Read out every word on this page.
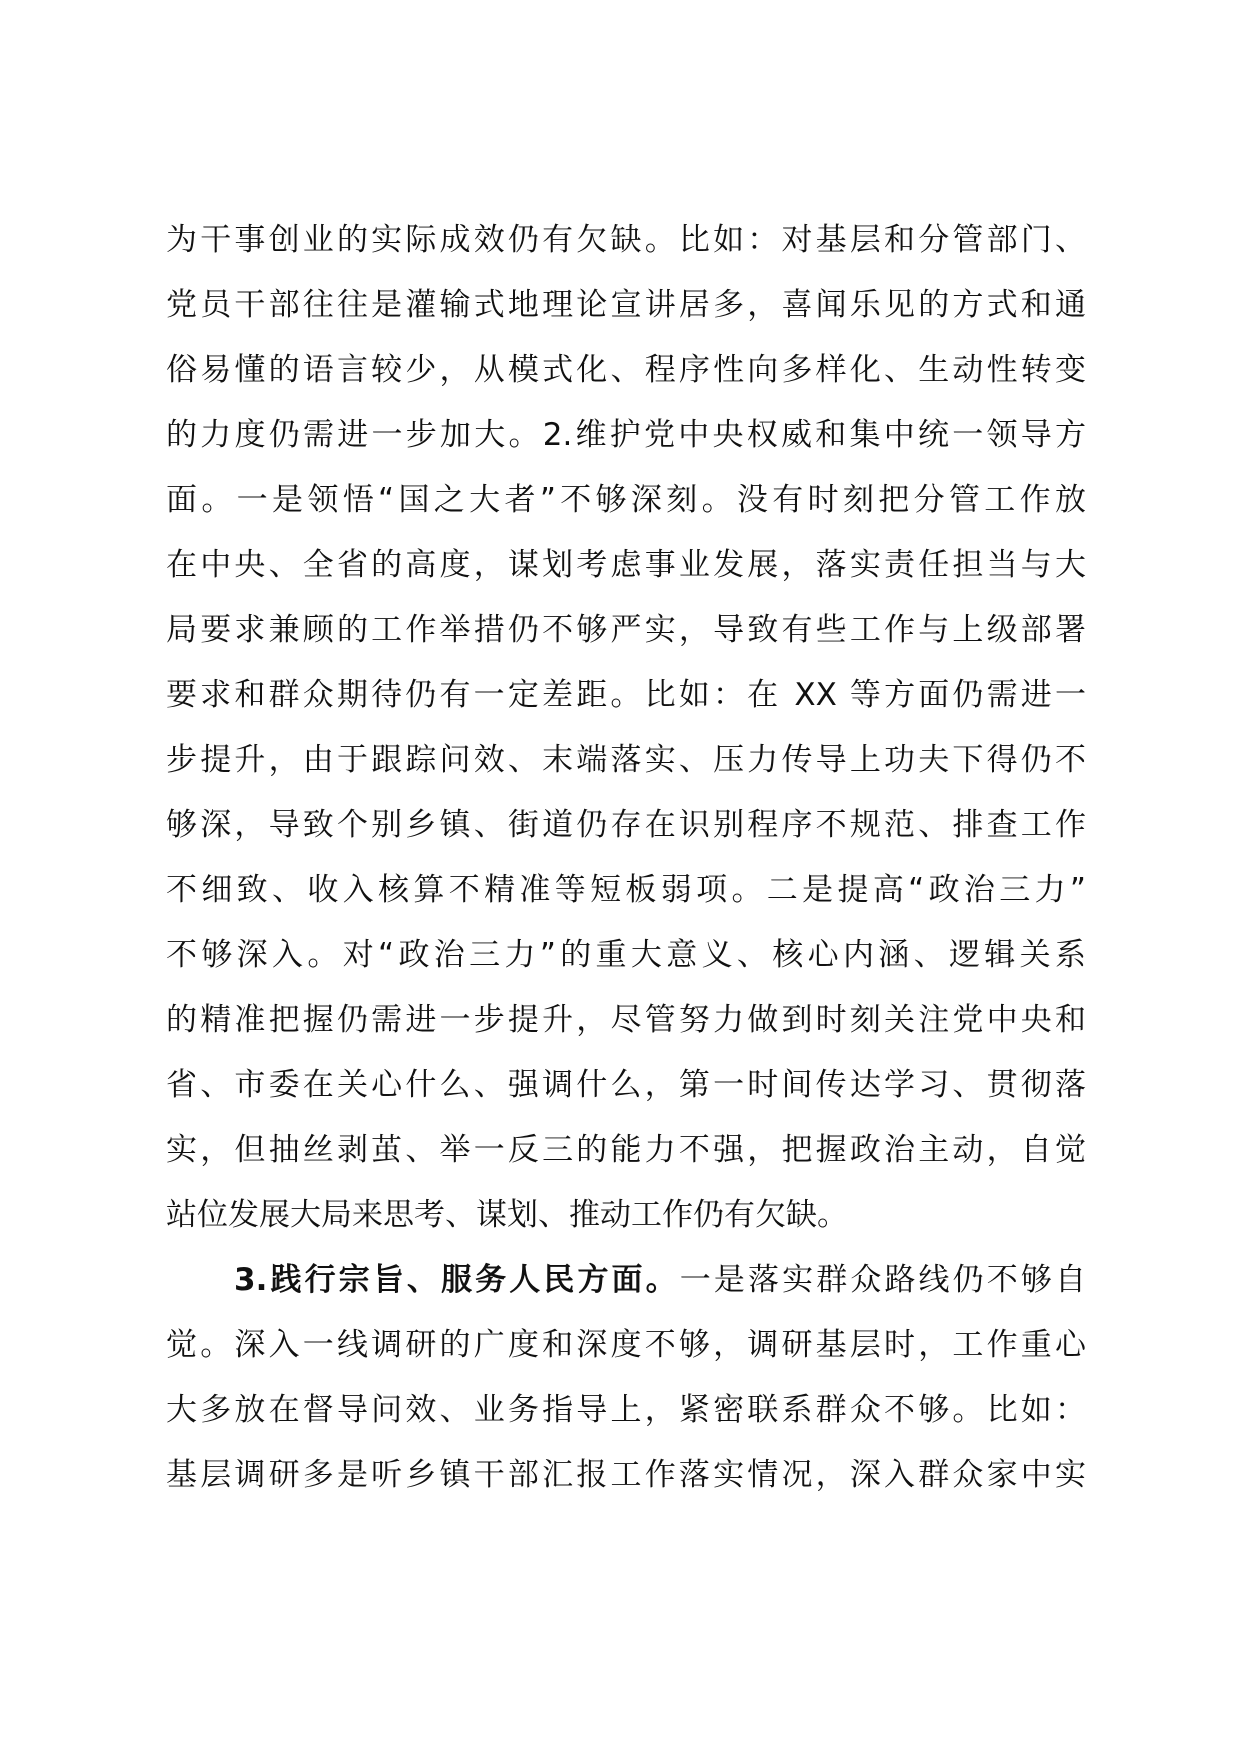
为干事创业的实际成效仍有欠缺。比如：对基层和分管部门、
党员干部往往是灌输式地理论宣讲居多，喜闻乐见的方式和通
俗易懂的语言较少，从模式化、程序性向多样化、生动性转变
的力度仍需进一步加大。2.维护党中央权威和集中统一领导方
面。一是领悟“国之大者”不够深刻。没有时刻把分管工作放
在中央、全省的高度，谋划考虑事业发展，落实责任担当与大
局要求兼顾的工作举措仍不够严实，导致有些工作与上级部署
要求和群众期待仍有一定差距。比如：在 XX 等方面仍需进一
步提升，由于跟踪问效、末端落实、压力传导上功夫下得仍不
够深，导致个别乡镇、街道仍存在识别程序不规范、排查工作
不细致、收入核算不精准等短板弱项。二是提高“政治三力”
不够深入。对“政治三力”的重大意义、核心内涵、逻辑关系
的精准把握仍需进一步提升，尽管努力做到时刻关注党中央和
省、市委在关心什么、强调什么，第一时间传达学习、贯彻落
实，但抽丝剥茧、举一反三的能力不强，把握政治主动，自觉
站位发展大局来思考、谋划、推动工作仍有欠缺。
3.践行宗旨、服务人民方面。一是落实群众路线仍不够自
觉。深入一线调研的广度和深度不够，调研基层时，工作重心
大多放在督导问效、业务指导上，紧密联系群众不够。比如：
基层调研多是听乡镇干部汇报工作落实情况，深入群众家中实
